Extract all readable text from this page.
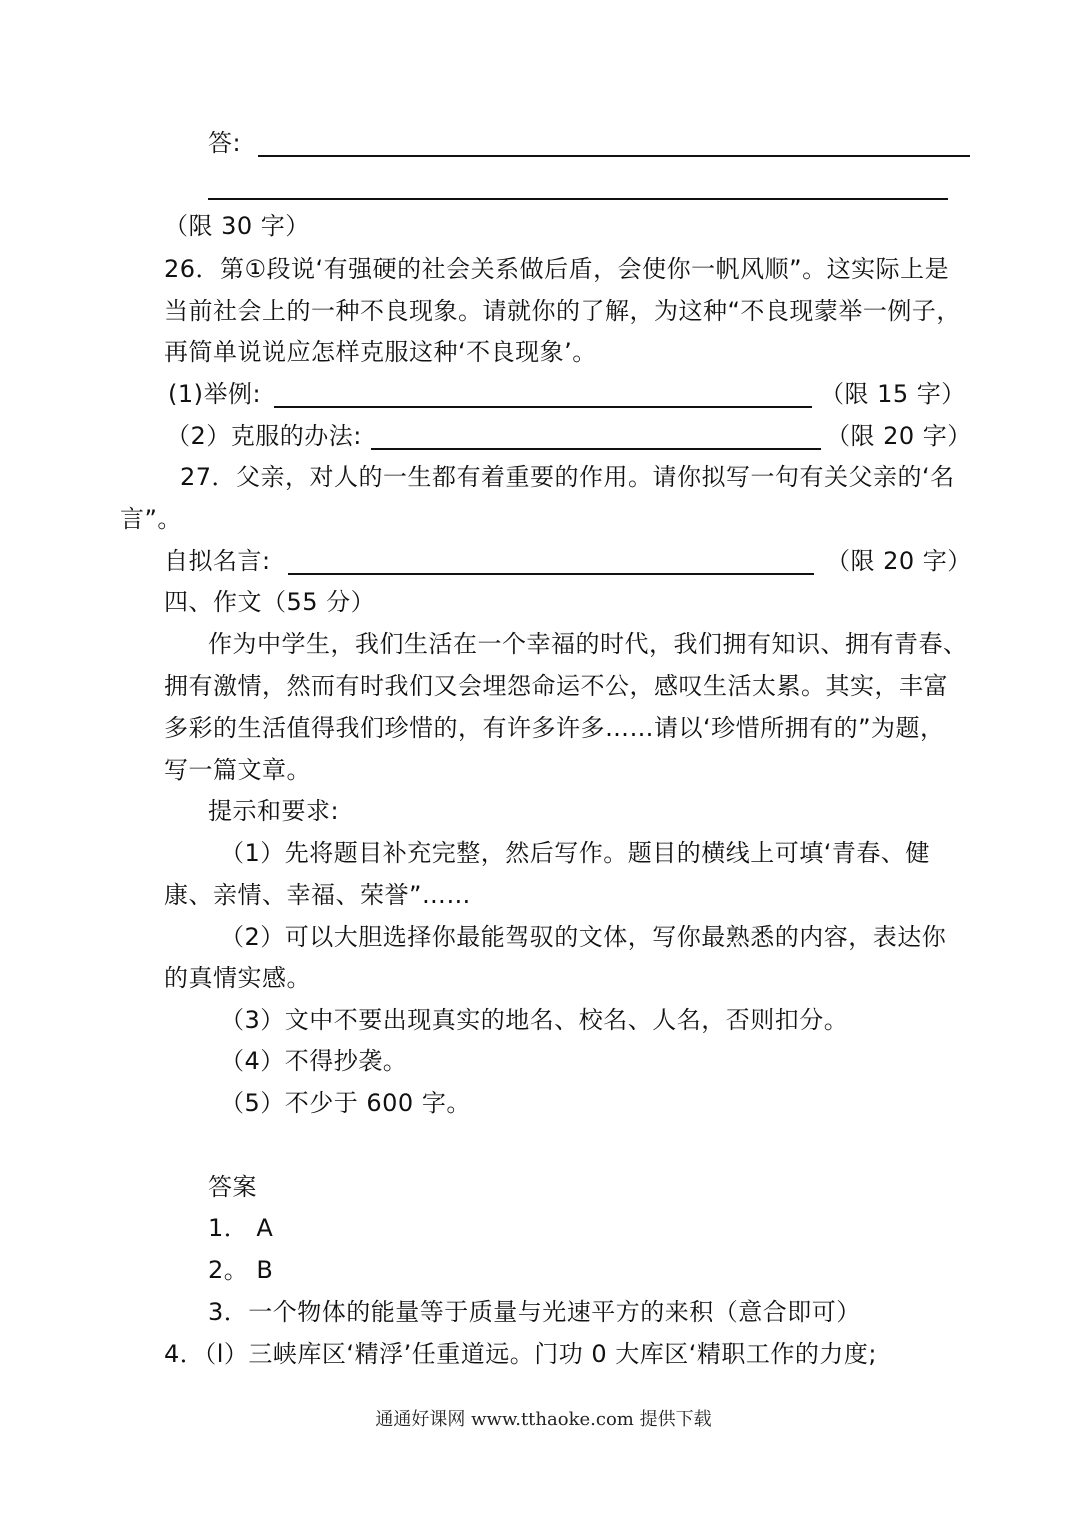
答:
（限 30 字）
26．第①段说‘有强硬的社会关系做后盾，会使你一帆风顺”。这实际上是
当前社会上的一种不良现象。请就你的了解，为这种“不良现蒙举一例子，
再简单说说应怎样克服这种‘不良现象’。
(1)举例:	（限 15 字）
（2）克服的办法:	（限 20 字）
27．父亲，对人的一生都有着重要的作用。请你拟写一句有关父亲的‘名
言”。
自拟名言:	（限 20 字）
四、作文（55 分）
作为中学生，我们生活在一个幸福的时代，我们拥有知识、拥有青春、
拥有激情，然而有时我们又会埋怨命运不公，感叹生活太累。其实，丰富
多彩的生活值得我们珍惜的，有许多许多……请以‘珍惜所拥有的”为题，
写一篇文章。
提示和要求:
（1）先将题目补充完整，然后写作。题目的横线上可填‘青春、健
康、亲情、幸福、荣誉”……
（2）可以大胆选择你最能驾驭的文体，写你最熟悉的内容，表达你
的真情实感。
（3）文中不要出现真实的地名、校名、人名，否则扣分。
（4）不得抄袭。
（5）不少于 600 字。
答案
1． A
2。 B
3．一个物体的能量等于质量与光速平方的来积（意合即可）
4．（l）三峡库区‘精浮’任重道远。门功 0 大库区‘精职工作的力度;
通通好课网 www.tthaoke.com 提供下载
